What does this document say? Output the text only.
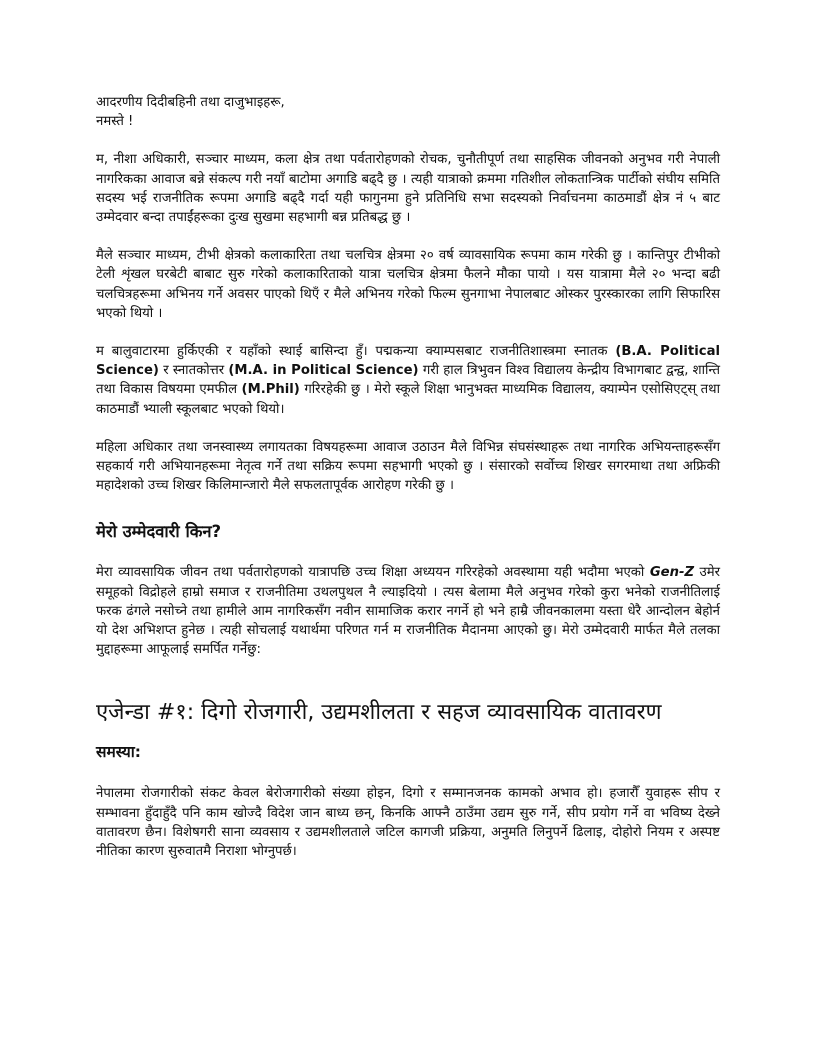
आदरणीय दिदीबहिनी तथा दाजुभाइहरू,
नमस्ते !

म, नीशा अधिकारी, सञ्चार माध्यम, कला क्षेत्र तथा पर्वतारोहणको रोचक, चुनौतीपूर्ण तथा साहसिक जीवनको अनुभव गरी नेपाली नागरिकका आवाज बन्ने संकल्प गरी नयाँ बाटोमा अगाडि बढ्दै छु । त्यही यात्राको क्रममा गतिशील लोकतान्त्रिक पार्टीको संघीय समिति सदस्य भई राजनीतिक रूपमा अगाडि बढ्दै गर्दा यही फागुनमा हुने प्रतिनिधि सभा सदस्यको निर्वाचनमा काठमाडौं क्षेत्र नं ५ बाट उम्मेदवार बन्दा तपाईंहरूका दुःख सुखमा सहभागी बन्न प्रतिबद्ध छु ।

मैले सञ्चार माध्यम, टीभी क्षेत्रको कलाकारिता तथा चलचित्र क्षेत्रमा २० वर्ष व्यावसायिक रूपमा काम गरेकी छु । कान्तिपुर टीभीको टेली शृंखल घरबेटी बाबाट सुरु गरेको कलाकारिताको यात्रा चलचित्र क्षेत्रमा फैलने मौका पायो । यस यात्रामा मैले २० भन्दा बढी चलचित्रहरूमा अभिनय गर्ने अवसर पाएको थिएँ र मैले अभिनय गरेको फिल्म सुनगाभा नेपालबाट ओस्कर पुरस्कारका लागि सिफारिस भएको थियो ।

म बालुवाटारमा हुर्किएकी र यहाँको स्थाई बासिन्दा हुँ। पद्मकन्या क्याम्पसबाट राजनीतिशास्त्रमा स्नातक (B.A. Political Science) र स्नातकोत्तर (M.A. in Political Science) गरी हाल त्रिभुवन विश्व विद्यालय केन्द्रीय विभागबाट द्वन्द्व, शान्ति तथा विकास विषयमा एमफील (M.Phil) गरिरहेकी छु । मेरो स्कूले शिक्षा भानुभक्त माध्यमिक विद्यालय, क्याम्पेन एसोसिएट्स् तथा काठमाडौं भ्याली स्कूलबाट भएको थियो।

महिला अधिकार तथा जनस्वास्थ्य लगायतका विषयहरूमा आवाज उठाउन मैले विभिन्न संघसंस्थाहरू तथा नागरिक अभियन्ताहरूसँग सहकार्य गरी अभियानहरूमा नेतृत्व गर्ने तथा सक्रिय रूपमा सहभागी भएको छु । संसारको सर्वोच्च शिखर सगरमाथा तथा अफ्रिकी महादेशको उच्च शिखर किलिमान्जारो मैले सफलतापूर्वक आरोहण गरेकी छु ।

मेरो उम्मेदवारी किन?

मेरा व्यावसायिक जीवन तथा पर्वतारोहणको यात्रापछि उच्च शिक्षा अध्ययन गरिरहेको अवस्थामा यही भदौमा भएको Gen-Z उमेर समूहको विद्रोहले हाम्रो समाज र राजनीतिमा उथलपुथल नै ल्याइदियो । त्यस बेलामा मैले अनुभव गरेको कुरा भनेको राजनीतिलाई फरक ढंगले नसोच्ने तथा हामीले आम नागरिकसँग नवीन सामाजिक करार नगर्ने हो भने हाम्रै जीवनकालमा यस्ता धेरै आन्दोलन बेहोर्न यो देश अभिशप्त हुनेछ । त्यही सोचलाई यथार्थमा परिणत गर्न म राजनीतिक मैदानमा आएको छु। मेरो उम्मेदवारी मार्फत मैले तलका मुद्दाहरूमा आफूलाई समर्पित गर्नेछु:

एजेन्डा #१: दिगो रोजगारी, उद्यमशीलता र सहज व्यावसायिक वातावरण
समस्या:

नेपालमा रोजगारीको संकट केवल बेरोजगारीको संख्या होइन, दिगो र सम्मानजनक कामको अभाव हो। हजारौँ युवाहरू सीप र सम्भावना हुँदाहुँदै पनि काम खोज्दै विदेश जान बाध्य छन्, किनकि आफ्नै ठाउँमा उद्यम सुरु गर्ने, सीप प्रयोग गर्ने वा भविष्य देख्ने वातावरण छैन। विशेषगरी साना व्यवसाय र उद्यमशीलताले जटिल कागजी प्रक्रिया, अनुमति लिनुपर्ने ढिलाइ, दोहोरो नियम र अस्पष्ट नीतिका कारण सुरुवातमै निराशा भोग्नुपर्छ।
